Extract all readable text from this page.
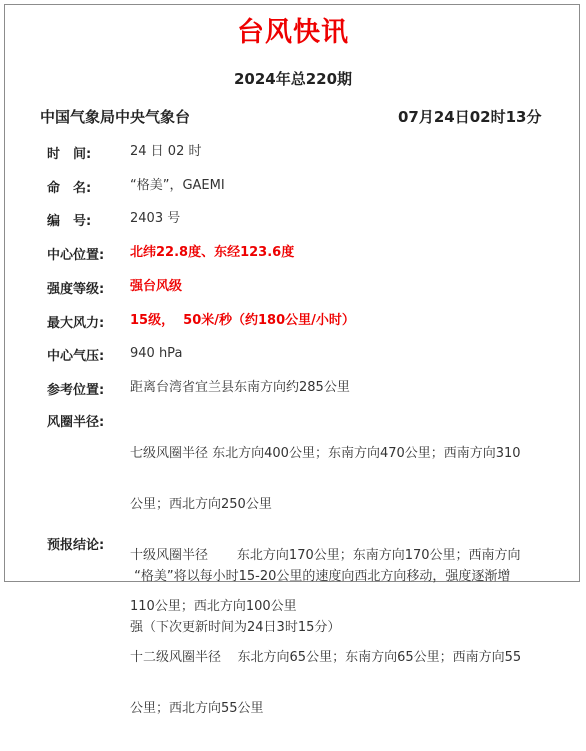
台风快讯
2024年总220期
中国气象局中央气象台	07月24日02时13分
时　间:	24 日 02 时
命　名:	“格美”，GAEMI
编　号:	2403 号
中心位置:	北纬22.8度、东经123.6度
强度等级:	强台风级
最大风力:	15级，  50米/秒（约180公里/小时）
中心气压:	940 hPa
参考位置:	距离台湾省宜兰县东南方向约285公里
风圈半径:

七级风圈半径 东北方向400公里；东南方向470公里；西南方向310

公里；西北方向250公里

十级风圈半径       东北方向170公里；东南方向170公里；西南方向

110公里；西北方向100公里

十二级风圈半径    东北方向65公里；东南方向65公里；西南方向55

公里；西北方向55公里

预报结论:

“格美”将以每小时15-20公里的速度向西北方向移动，强度逐渐增

强（下次更新时间为24日3时15分）
